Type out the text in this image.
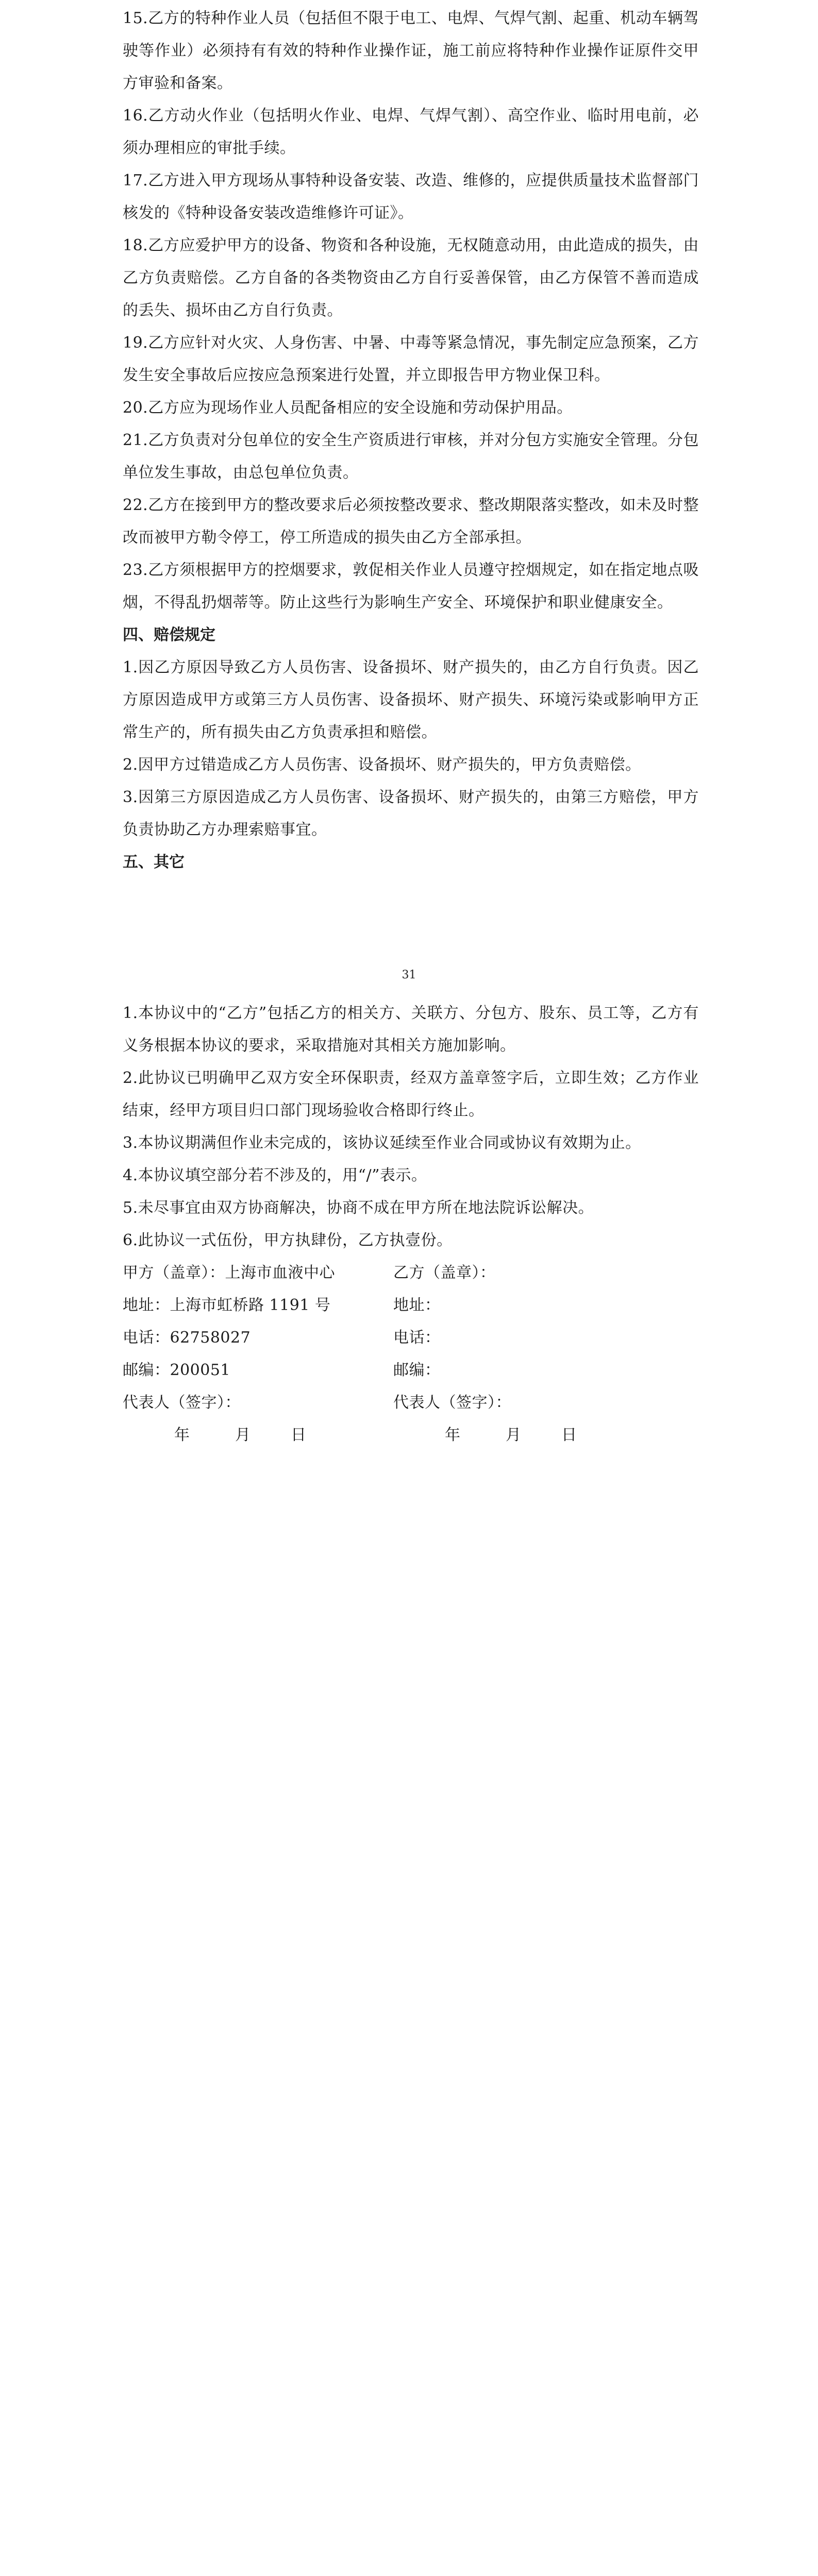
15.乙方的特种作业人员（包括但不限于电工、电焊、气焊气割、起重、机动车辆驾驶等作业）必须持有有效的特种作业操作证，施工前应将特种作业操作证原件交甲方审验和备案。

16.乙方动火作业（包括明火作业、电焊、气焊气割）、高空作业、临时用电前，必须办理相应的审批手续。

17.乙方进入甲方现场从事特种设备安装、改造、维修的，应提供质量技术监督部门核发的《特种设备安装改造维修许可证》。

18.乙方应爱护甲方的设备、物资和各种设施，无权随意动用，由此造成的损失，由乙方负责赔偿。乙方自备的各类物资由乙方自行妥善保管，由乙方保管不善而造成的丢失、损坏由乙方自行负责。

19.乙方应针对火灾、人身伤害、中暑、中毒等紧急情况，事先制定应急预案，乙方发生安全事故后应按应急预案进行处置，并立即报告甲方物业保卫科。

20.乙方应为现场作业人员配备相应的安全设施和劳动保护用品。

21.乙方负责对分包单位的安全生产资质进行审核，并对分包方实施安全管理。分包单位发生事故，由总包单位负责。

22.乙方在接到甲方的整改要求后必须按整改要求、整改期限落实整改，如未及时整改而被甲方勒令停工，停工所造成的损失由乙方全部承担。

23.乙方须根据甲方的控烟要求，敦促相关作业人员遵守控烟规定，如在指定地点吸烟，不得乱扔烟蒂等。防止这些行为影响生产安全、环境保护和职业健康安全。

四、赔偿规定

1.因乙方原因导致乙方人员伤害、设备损坏、财产损失的，由乙方自行负责。因乙方原因造成甲方或第三方人员伤害、设备损坏、财产损失、环境污染或影响甲方正常生产的，所有损失由乙方负责承担和赔偿。

2.因甲方过错造成乙方人员伤害、设备损坏、财产损失的，甲方负责赔偿。

3.因第三方原因造成乙方人员伤害、设备损坏、财产损失的，由第三方赔偿，甲方负责协助乙方办理索赔事宜。

五、其它

31

1.本协议中的“乙方”包括乙方的相关方、关联方、分包方、股东、员工等，乙方有义务根据本协议的要求，采取措施对其相关方施加影响。

2.此协议已明确甲乙双方安全环保职责，经双方盖章签字后，立即生效；乙方作业结束，经甲方项目归口部门现场验收合格即行终止。

3.本协议期满但作业未完成的，该协议延续至作业合同或协议有效期为止。

4.本协议填空部分若不涉及的，用“/”表示。

5.未尽事宜由双方协商解决，协商不成在甲方所在地法院诉讼解决。

6.此协议一式伍份，甲方执肆份，乙方执壹份。

甲方（盖章）：上海市血液中心	乙方（盖章）：
地址：上海市虹桥路 1191 号	地址：
电话：62758027	电话：
邮编：200051	邮编：
代表人（签字）：	代表人（签字）：
年	月	日	年	月	日
